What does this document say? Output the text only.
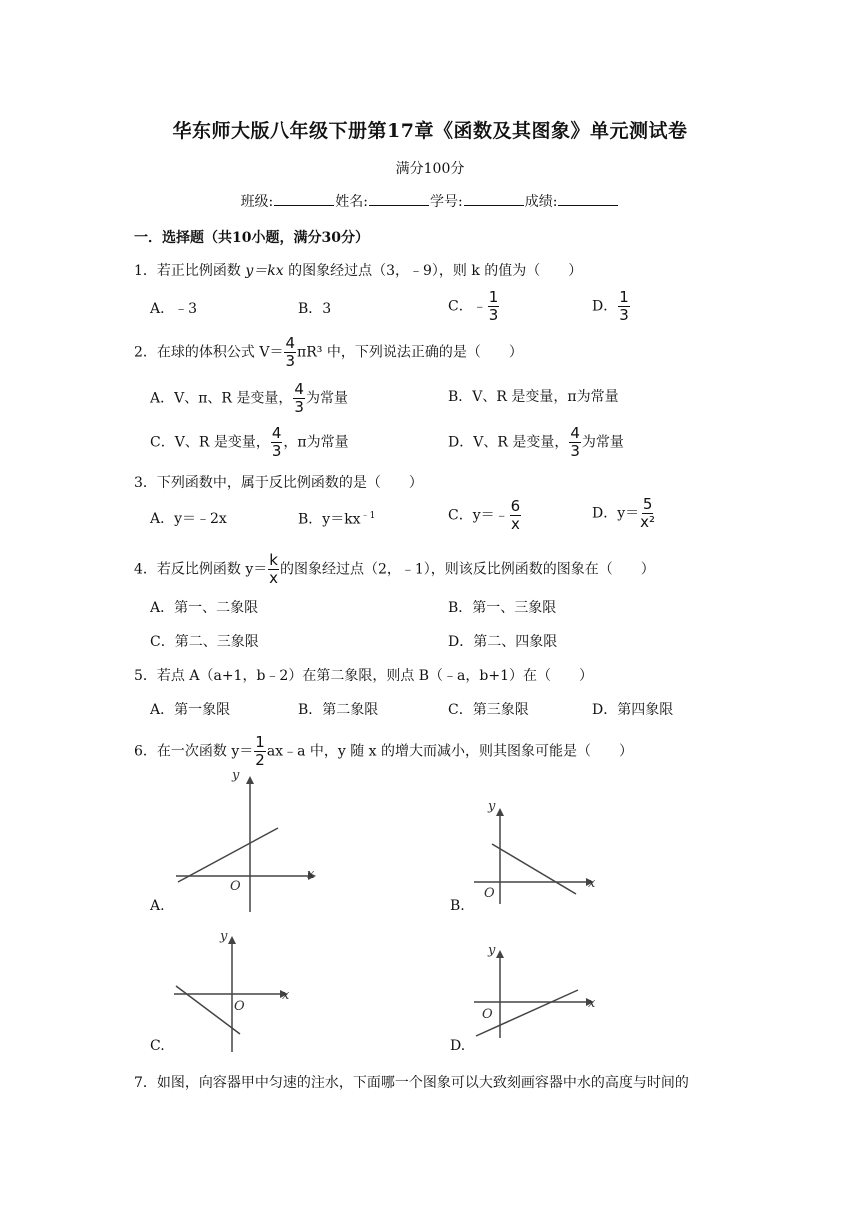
华东师大版八年级下册第17章《函数及其图象》单元测试卷
满分100分
班级:	姓名:	学号:	成绩:
一．选择题（共10小题，满分30分）
1．若正比例函数 y＝kx 的图象经过点（3，﹣9），则 k 的值为（　　）
A．﹣3	B．3	C．﹣ $\frac{1}{3}$	D． $\frac{1}{3}$
2．在球的体积公式 $V= \frac{4}{3} \pi R^3$ 中，下列说法正确的是（　　）
A．V、π、R 是变量， $\frac{4}{3}$ 为常量	B．V、R 是变量，π为常量
C．V、R 是变量， $\frac{4}{3}$ ，π为常量	D．V、R 是变量， $\frac{4}{3}$ 为常量
3．下列函数中，属于反比例函数的是（　　）
A．y＝﹣2x	B．$y=kx^{﹣1}$	C．y＝﹣ $\frac{6}{x}$	D．$y= \frac{5}{\text{x²}}$
4．若反比例函数 $y= \frac{k}{x}$ 的图象经过点（2，﹣1），则该反比例函数的图象在（　　）
A．第一、二象限	B．第一、三象限
C．第二、三象限	D．第二、四象限
5．若点 A（a+1，b﹣2）在第二象限，则点 B（﹣a，b+1）在（　　）
A．第一象限	B．第二象限	C．第三象限	D．第四象限
6．在一次函数 $y= \frac{1}{2}$ ax﹣a 中，y 随 x 的增大而减小，则其图象可能是（　　）
y
x
O
A.
y
x
O
B.
y
x
O
C.
y
x
O
D.
7．如图，向容器甲中匀速的注水，下面哪一个图象可以大致刻画容器中水的高度与时间的
